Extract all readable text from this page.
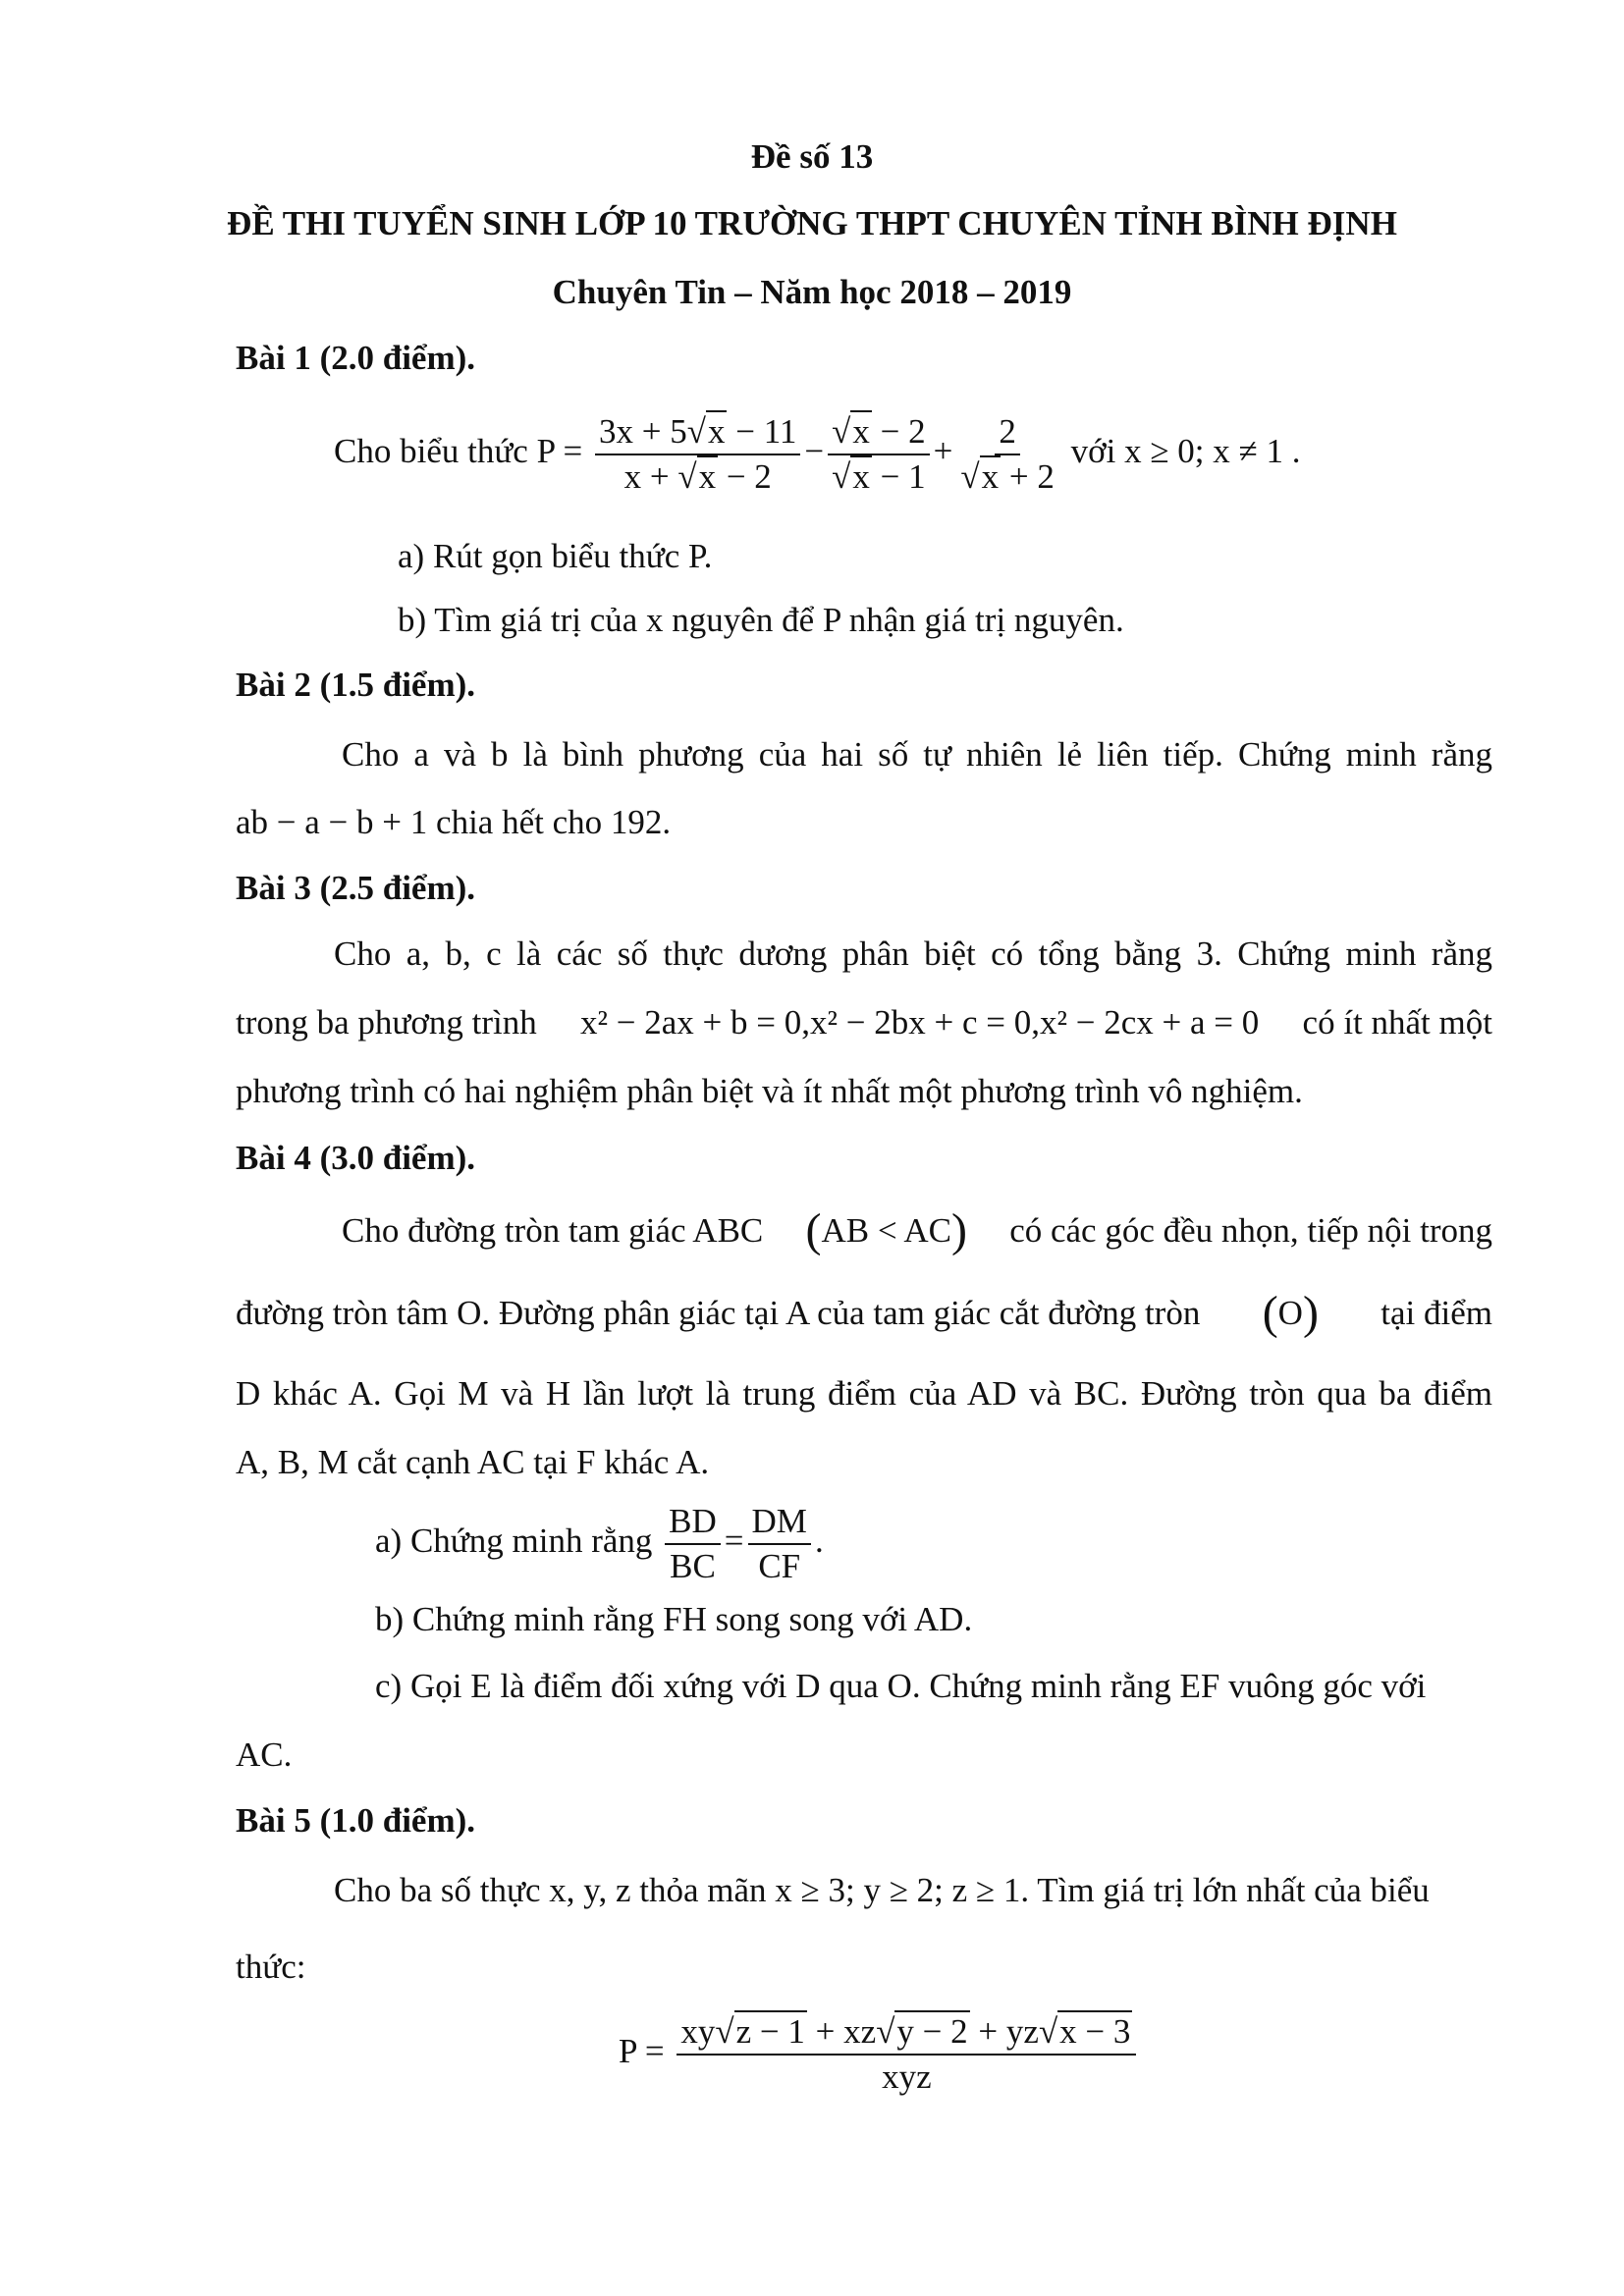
Đề số 13
ĐỀ THI TUYỂN SINH LỚP 10 TRƯỜNG THPT CHUYÊN TỈNH BÌNH ĐỊNH
Chuyên Tin – Năm học 2018 – 2019
Bài 1 (2.0 điểm).
Cho biểu thức $P = \frac{3x + 5√x - 11}{x + √x - 2} - \frac{√x - 2}{√x - 1} + \frac{2}{√x + 2}$ với x ≥ 0; x ≠ 1 .
a) Rút gọn biểu thức P.
b) Tìm giá trị của x nguyên để P nhận giá trị nguyên.
Bài 2 (1.5 điểm).
Cho a và b là bình phương của hai số tự nhiên lẻ liên tiếp. Chứng minh rằng
ab − a − b + 1 chia hết cho 192.
Bài 3 (2.5 điểm).
Cho a, b, c là các số thực dương phân biệt có tổng bằng 3. Chứng minh rằng
trong ba phương trình x² − 2ax + b = 0,x² − 2bx + c = 0,x² − 2cx + a = 0 có ít nhất một
phương trình có hai nghiệm phân biệt và ít nhất một phương trình vô nghiệm.
Bài 4 (3.0 điểm).
Cho đường tròn tam giác ABC (AB < AC) có các góc đều nhọn, tiếp nội trong
đường tròn tâm O. Đường phân giác tại A của tam giác cắt đường tròn (O) tại điểm
D khác A. Gọi M và H lần lượt là trung điểm của AD và BC. Đường tròn qua ba điểm
A, B, M cắt cạnh AC tại F khác A.
a) Chứng minh rằng $\frac{BD}{BC} = \frac{DM}{CF}$ .
b) Chứng minh rằng FH song song với AD.
c) Gọi E là điểm đối xứng với D qua O. Chứng minh rằng EF vuông góc với
AC.
Bài 5 (1.0 điểm).
Cho ba số thực x, y, z thỏa mãn x ≥ 3; y ≥ 2; z ≥ 1. Tìm giá trị lớn nhất của biểu
thức:
$P = \frac{xy√z - 1 + xz√y - 2 + yz√x - 3}{\text{xyz}}$
